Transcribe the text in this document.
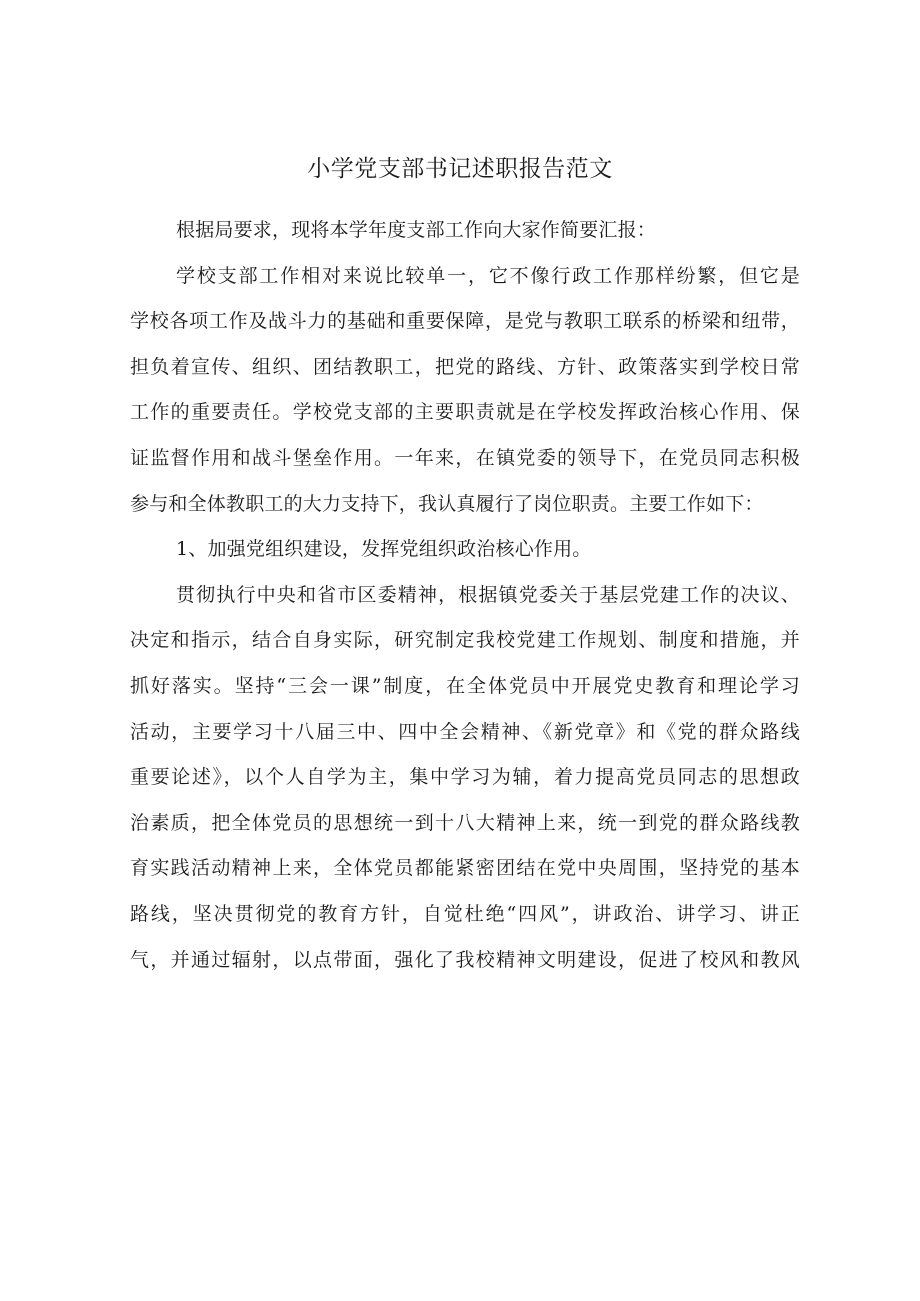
小学党支部书记述职报告范文
根据局要求，现将本学年度支部工作向大家作简要汇报：
学校支部工作相对来说比较单一，它不像行政工作那样纷繁，但它是
学校各项工作及战斗力的基础和重要保障，是党与教职工联系的桥梁和纽带，
担负着宣传、组织、团结教职工，把党的路线、方针、政策落实到学校日常
工作的重要责任。学校党支部的主要职责就是在学校发挥政治核心作用、保
证监督作用和战斗堡垒作用。一年来，在镇党委的领导下，在党员同志积极
参与和全体教职工的大力支持下，我认真履行了岗位职责。主要工作如下：
1、加强党组织建设，发挥党组织政治核心作用。
贯彻执行中央和省市区委精神，根据镇党委关于基层党建工作的决议、
决定和指示，结合自身实际，研究制定我校党建工作规划、制度和措施，并
抓好落实。坚持“三会一课”制度，在全体党员中开展党史教育和理论学习
活动，主要学习十八届三中、四中全会精神、《新党章》和《党的群众路线
重要论述》，以个人自学为主，集中学习为辅，着力提高党员同志的思想政
治素质，把全体党员的思想统一到十八大精神上来，统一到党的群众路线教
育实践活动精神上来，全体党员都能紧密团结在党中央周围，坚持党的基本
路线，坚决贯彻党的教育方针，自觉杜绝“四风”，讲政治、讲学习、讲正
气，并通过辐射，以点带面，强化了我校精神文明建设，促进了校风和教风
